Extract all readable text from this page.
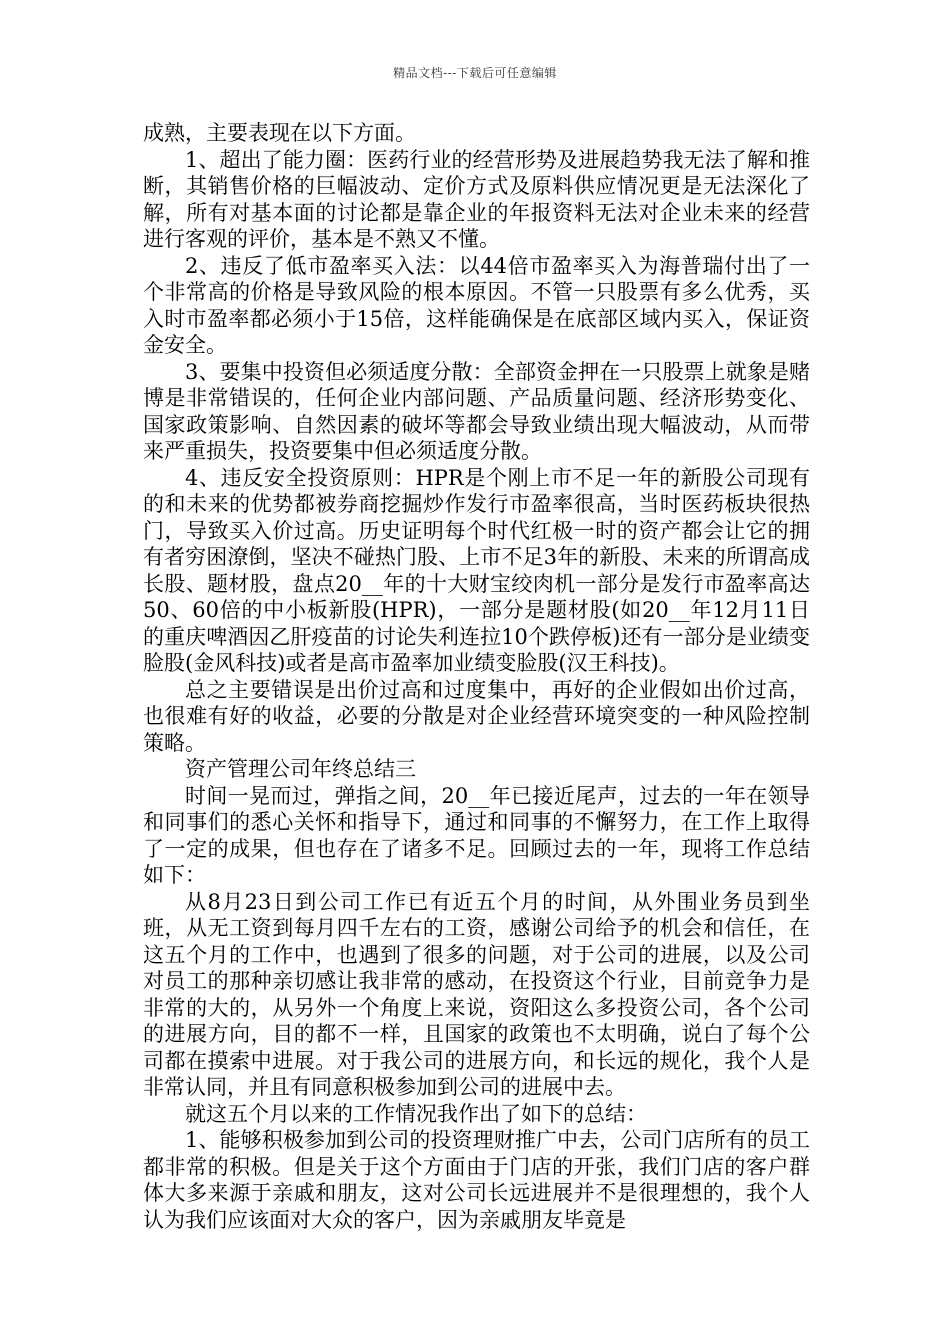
精品文档---下载后可任意编辑

成熟，主要表现在以下方面。

1、超出了能力圈：医药行业的经营形势及进展趋势我无法了解和推断，其销售价格的巨幅波动、定价方式及原料供应情况更是无法深化了解，所有对基本面的讨论都是靠企业的年报资料无法对企业未来的经营进行客观的评价，基本是不熟又不懂。

2、违反了低市盈率买入法：以44倍市盈率买入为海普瑞付出了一个非常高的价格是导致风险的根本原因。不管一只股票有多么优秀，买入时市盈率都必须小于15倍，这样能确保是在底部区域内买入，保证资金安全。

3、要集中投资但必须适度分散：全部资金押在一只股票上就象是赌博是非常错误的，任何企业内部问题、产品质量问题、经济形势变化、国家政策影响、自然因素的破坏等都会导致业绩出现大幅波动，从而带来严重损失，投资要集中但必须适度分散。

4、违反安全投资原则：HPR是个刚上市不足一年的新股公司现有的和未来的优势都被券商挖掘炒作发行市盈率很高，当时医药板块很热门，导致买入价过高。历史证明每个时代红极一时的资产都会让它的拥有者穷困潦倒，坚决不碰热门股、上市不足3年的新股、未来的所谓高成长股、题材股，盘点20__年的十大财宝绞肉机一部分是发行市盈率高达50、60倍的中小板新股(HPR)，一部分是题材股(如20__年12月11日的重庆啤酒因乙肝疫苗的讨论失利连拉10个跌停板)还有一部分是业绩变脸股(金风科技)或者是高市盈率加业绩变脸股(汉王科技)。

总之主要错误是出价过高和过度集中，再好的企业假如出价过高，也很难有好的收益，必要的分散是对企业经营环境突变的一种风险控制策略。

资产管理公司年终总结三

时间一晃而过，弹指之间，20__年已接近尾声，过去的一年在领导和同事们的悉心关怀和指导下，通过和同事的不懈努力，在工作上取得了一定的成果，但也存在了诸多不足。回顾过去的一年，现将工作总结如下：

从8月23日到公司工作已有近五个月的时间，从外围业务员到坐班，从无工资到每月四千左右的工资，感谢公司给予的机会和信任，在这五个月的工作中，也遇到了很多的问题，对于公司的进展，以及公司对员工的那种亲切感让我非常的感动，在投资这个行业，目前竞争力是非常的大的，从另外一个角度上来说，资阳这么多投资公司，各个公司的进展方向，目的都不一样，且国家的政策也不太明确，说白了每个公司都在摸索中进展。对于我公司的进展方向，和长远的规化，我个人是非常认同，并且有同意积极参加到公司的进展中去。

就这五个月以来的工作情况我作出了如下的总结：

1、能够积极参加到公司的投资理财推广中去，公司门店所有的员工都非常的积极。但是关于这个方面由于门店的开张，我们门店的客户群体大多来源于亲戚和朋友，这对公司长远进展并不是很理想的，我个人认为我们应该面对大众的客户，因为亲戚朋友毕竟是
